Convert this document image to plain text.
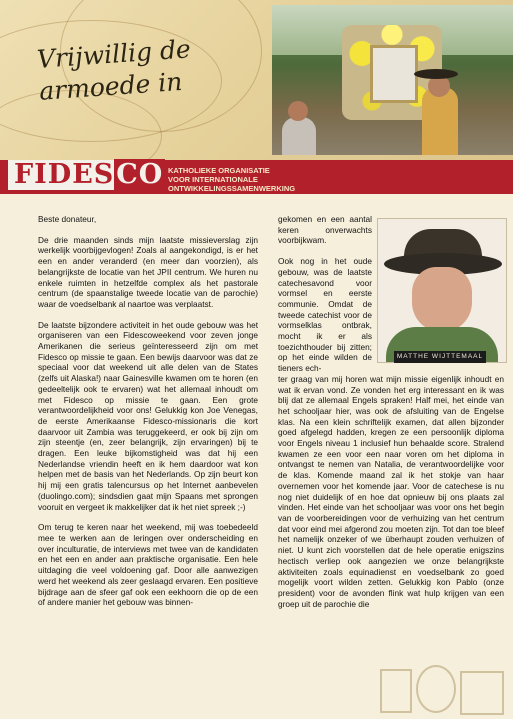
Vrijwillig de
armoede in
FIDESCO KATHOLIEKE ORGANISATIE
VOOR INTERNATIONALE
ONTWIKKELINGSSAMENWERKING

Beste donateur,

De drie maanden sinds mijn laatste missieverslag zijn werkelijk voorbijgevlogen! Zoals al aangekondigd, is er het een en ander veranderd (en meer dan voorzien), als belangrijkste de locatie van het JPII centrum. We huren nu enkele ruimten in hetzelfde complex als het pastorale centrum (de spaanstalige tweede locatie van de parochie) waar de voedselbank al naartoe was verplaatst.

De laatste bijzondere activiteit in het oude gebouw was het organiseren van een Fidescoweekend voor zeven jonge Amerikanen die serieus geïnteresseerd zijn om met Fidesco op missie te gaan. Een bewijs daarvoor was dat ze speciaal voor dat weekend uit alle delen van de States (zelfs uit Alaska!) naar Gainesville kwamen om te horen (en gedeeltelijk ook te ervaren) wat het allemaal inhoudt om met Fidesco op missie te gaan. Een grote verantwoordelijkheid voor ons! Gelukkig kon Joe Venegas, de eerste Amerikaanse Fidesco-missionaris die kort daarvoor uit Zambia was teruggekeerd, er ook bij zijn om zijn steentje (en, zeer belangrijk, zijn ervaringen) bij te dragen. Een leuke bijkomstigheid was dat hij een Nederlandse vriendin heeft en ik hem daardoor wat kon helpen met de basis van het Nederlands. Op zijn beurt kon hij mij een gratis talencursus op het Internet aanbevelen (duolingo.com); sindsdien gaat mijn Spaans met sprongen vooruit en vergeet ik makkelijker dat ik het niet spreek ;-)

Om terug te keren naar het weekend, mij was toebedeeld mee te werken aan de leringen over onderscheiding en over inculturatie, de interviews met twee van de kandidaten en het een en ander aan praktische organisatie. Een hele uitdaging die veel voldoening gaf. Door alle aanwezigen werd het weekend als zeer geslaagd ervaren. Een positieve bijdrage aan de sfeer gaf ook een eekhoorn die op de een of andere manier het gebouw was binnen-

gekomen en een aantal keren onverwachts voorbijkwam.

Ook nog in het oude gebouw, was de laatste catechesavond voor vormsel en eerste communie. Omdat de tweede catechist voor de vormselklas ontbrak, mocht ik er als toezichthouder bij zitten; op het einde wilden de tieners ech-

ter graag van mij horen wat mijn missie eigenlijk inhoudt en wat ik ervan vond. Ze vonden het erg interessant en ik was blij dat ze allemaal Engels spraken! Half mei, het einde van het schooljaar hier, was ook de afsluiting van de Engelse klas. Na een klein schriftelijk examen, dat allen bijzonder goed afgelegd hadden, kregen ze een persoonlijk diploma voor Engels niveau 1 inclusief hun behaalde score. Stralend kwamen ze een voor een naar voren om het diploma in ontvangst te nemen van Natalia, de verantwoordelijke voor de klas. Komende maand zal ik het stokje van haar overnemen voor het komende jaar. Voor de catechese is nu nog niet duidelijk of en hoe dat opnieuw bij ons plaats zal vinden. Het einde van het schooljaar was voor ons het begin van de voorbereidingen voor de verhuizing van het centrum dat voor eind mei afgerond zou moeten zijn. Tot dan toe bleef het namelijk onzeker of we überhaupt zouden verhuizen of niet. U kunt zich voorstellen dat de hele operatie enigszins hectisch verliep ook aangezien we onze belangrijkste aktiviteiten zoals equinadienst en voedselbank zo goed mogelijk voort wilden zetten. Gelukkig kon Pablo (onze president) voor de avonden flink wat hulp krijgen van een groep uit de parochie die

MATTHE WIJTTEMAAL
